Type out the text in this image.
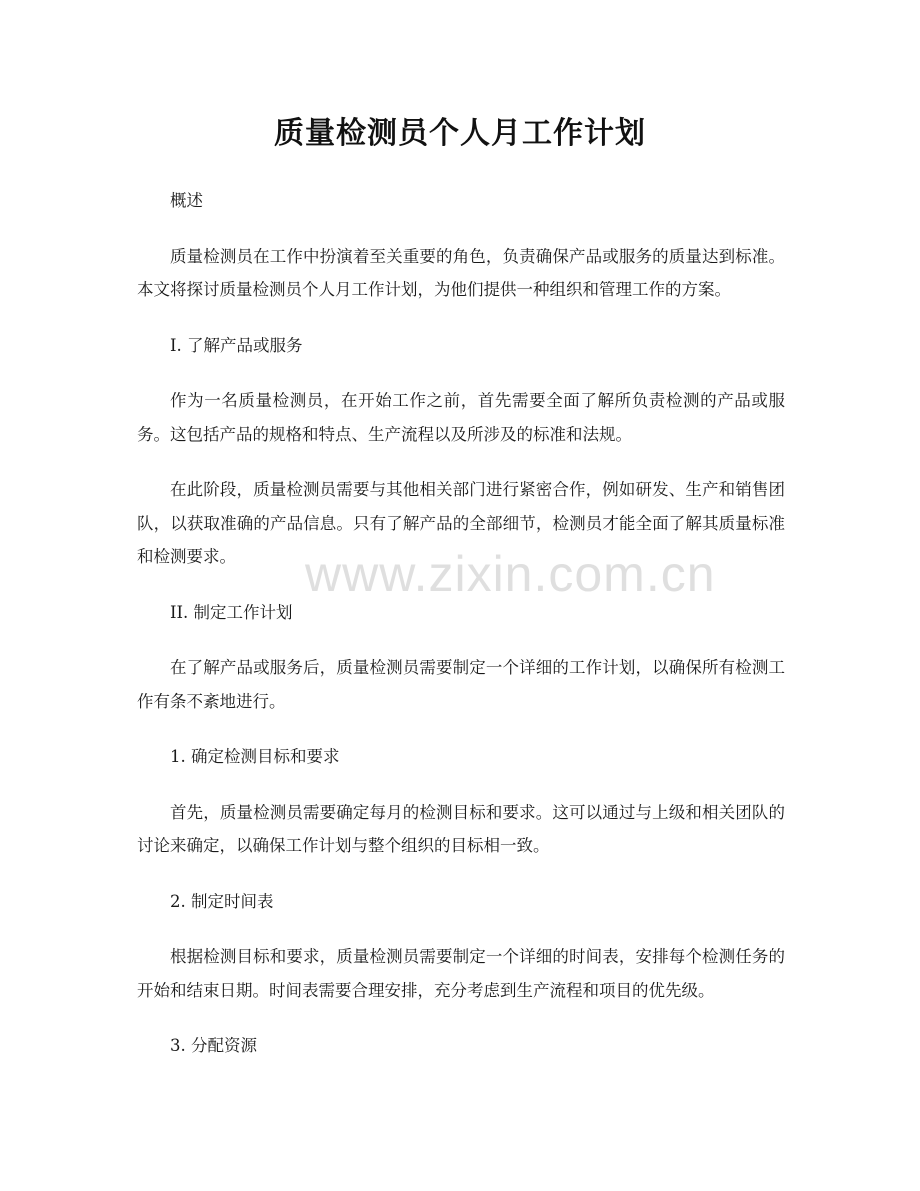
质量检测员个人月工作计划

概述

质量检测员在工作中扮演着至关重要的角色，负责确保产品或服务的质量达到标准。本文将探讨质量检测员个人月工作计划，为他们提供一种组织和管理工作的方案。

I. 了解产品或服务

作为一名质量检测员，在开始工作之前，首先需要全面了解所负责检测的产品或服务。这包括产品的规格和特点、生产流程以及所涉及的标准和法规。

在此阶段，质量检测员需要与其他相关部门进行紧密合作，例如研发、生产和销售团队，以获取准确的产品信息。只有了解产品的全部细节，检测员才能全面了解其质量标准和检测要求。

II. 制定工作计划

在了解产品或服务后，质量检测员需要制定一个详细的工作计划，以确保所有检测工作有条不紊地进行。

1. 确定检测目标和要求

首先，质量检测员需要确定每月的检测目标和要求。这可以通过与上级和相关团队的讨论来确定，以确保工作计划与整个组织的目标相一致。

2. 制定时间表

根据检测目标和要求，质量检测员需要制定一个详细的时间表，安排每个检测任务的开始和结束日期。时间表需要合理安排，充分考虑到生产流程和项目的优先级。

3. 分配资源

www.zixin.com.cn
